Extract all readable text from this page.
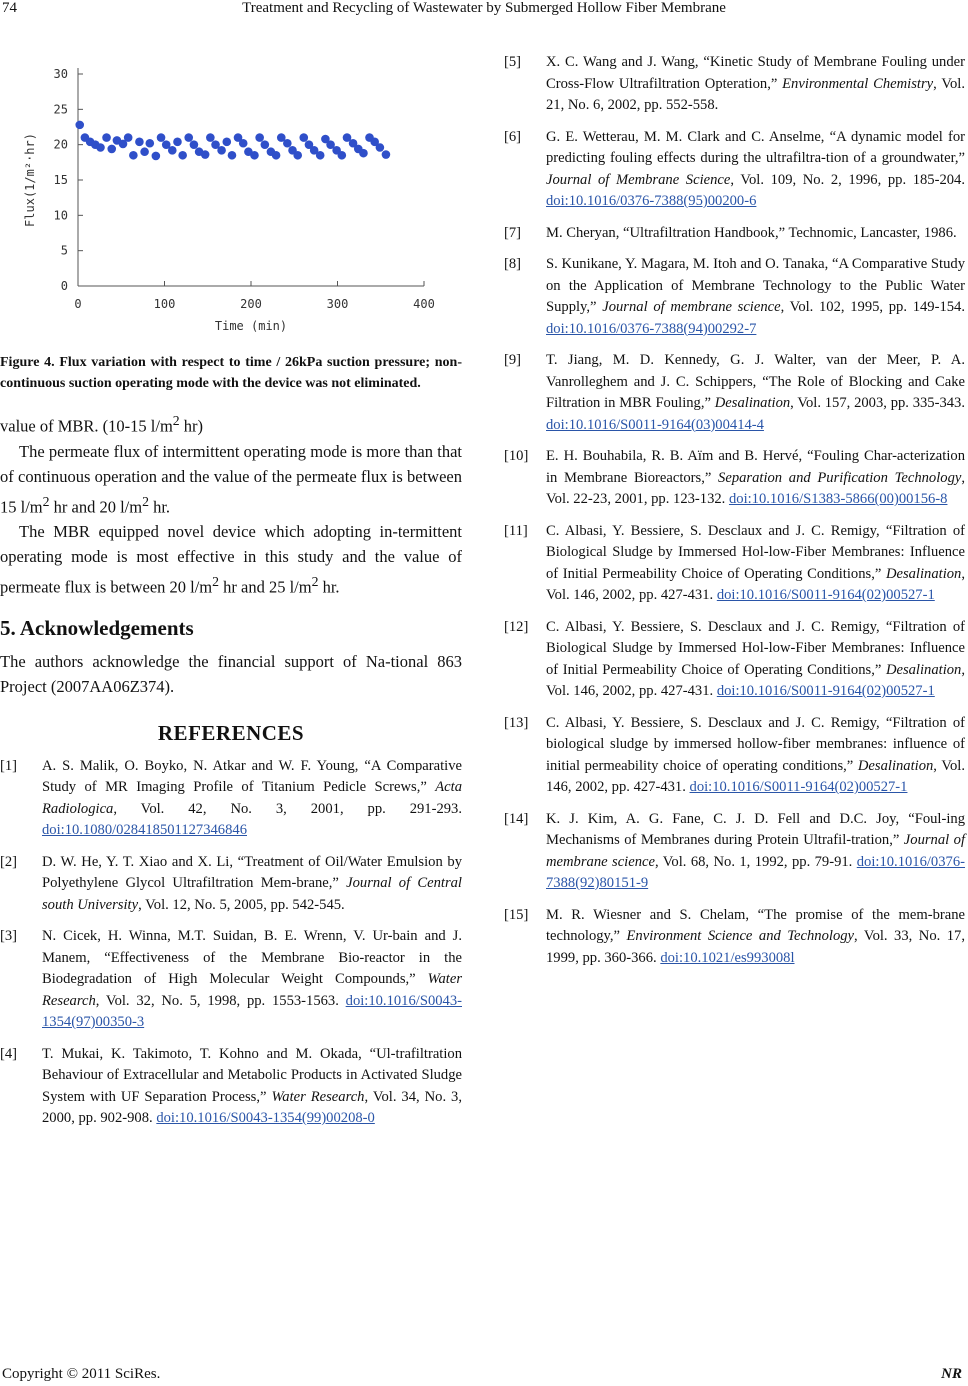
74	Treatment and Recycling of Wastewater by Submerged Hollow Fiber Membrane
0
5
10
15
20
25
30
0	100	200	300	400
Time (min)
Flux(1/m²·hr)
Figure 4. Flux variation with respect to time / 26kPa suction pressure; non-continuous suction operating mode with the device was not eliminated.

value of MBR. (10-15 $l/m^2$ hr)

The permeate flux of intermittent operating mode is more than that of continuous operation and the value of the permeate flux is between 15 $l/m^2$ hr and 20 $l/m^2$ hr.

The MBR equipped novel device which adopting in-termittent operating mode is most effective in this study and the value of permeate flux is between 20 $l/m^2$ hr and 25 $l/m^2$ hr.

5. Acknowledgements

The authors acknowledge the financial support of Na-tional 863 Project (2007AA06Z374).

REFERENCES
[1] A. S. Malik, O. Boyko, N. Atkar and W. F. Young, “A Comparative Study of MR Imaging Profile of Titanium Pedicle Screws,” Acta Radiologica, Vol. 42, No. 3, 2001, pp. 291-293. doi:10.1080/028418501127346846
[2] D. W. He, Y. T. Xiao and X. Li, “Treatment of Oil/Water Emulsion by Polyethylene Glycol Ultrafiltration Mem-brane,” Journal of Central south University, Vol. 12, No. 5, 2005, pp. 542-545.
[3] N. Cicek, H. Winna, M.T. Suidan, B. E. Wrenn, V. Ur-bain and J. Manem, “Effectiveness of the Membrane Bio-reactor in the Biodegradation of High Molecular Weight Compounds,” Water Research, Vol. 32, No. 5, 1998, pp. 1553-1563. doi:10.1016/S0043-1354(97)00350-3
[4] T. Mukai, K. Takimoto, T. Kohno and M. Okada, “Ul-trafiltration Behaviour of Extracellular and Metabolic Products in Activated Sludge System with UF Separation Process,” Water Research, Vol. 34, No. 3, 2000, pp. 902-908. doi:10.1016/S0043-1354(99)00208-0
[5] X. C. Wang and J. Wang, “Kinetic Study of Membrane Fouling under Cross-Flow Ultrafiltration Opteration,” Environmental Chemistry, Vol. 21, No. 6, 2002, pp. 552-558.
[6] G. E. Wetterau, M. M. Clark and C. Anselme, “A dynamic model for predicting fouling effects during the ultrafiltra-tion of a groundwater,” Journal of Membrane Science, Vol. 109, No. 2, 1996, pp. 185-204. doi:10.1016/0376-7388(95)00200-6
[7] M. Cheryan, “Ultrafiltration Handbook,” Technomic, Lancaster, 1986.
[8] S. Kunikane, Y. Magara, M. Itoh and O. Tanaka, “A Comparative Study on the Application of Membrane Technology to the Public Water Supply,” Journal of membrane science, Vol. 102, 1995, pp. 149-154. doi:10.1016/0376-7388(94)00292-7
[9] T. Jiang, M. D. Kennedy, G. J. Walter, van der Meer, P. A. Vanrolleghem and J. C. Schippers, “The Role of Blocking and Cake Filtration in MBR Fouling,” Desalination, Vol. 157, 2003, pp. 335-343. doi:10.1016/S0011-9164(03)00414-4
[10] E. H. Bouhabila, R. B. Aïm and B. Hervé, “Fouling Char-acterization in Membrane Bioreactors,” Separation and Purification Technology, Vol. 22-23, 2001, pp. 123-132. doi:10.1016/S1383-5866(00)00156-8
[11] C. Albasi, Y. Bessiere, S. Desclaux and J. C. Remigy, “Filtration of Biological Sludge by Immersed Hol-low-Fiber Membranes: Influence of Initial Permeability Choice of Operating Conditions,” Desalination, Vol. 146, 2002, pp. 427-431. doi:10.1016/S0011-9164(02)00527-1
[12] C. Albasi, Y. Bessiere, S. Desclaux and J. C. Remigy, “Filtration of Biological Sludge by Immersed Hol-low-Fiber Membranes: Influence of Initial Permeability Choice of Operating Conditions,” Desalination, Vol. 146, 2002, pp. 427-431. doi:10.1016/S0011-9164(02)00527-1
[13] C. Albasi, Y. Bessiere, S. Desclaux and J. C. Remigy, “Filtration of biological sludge by immersed hollow-fiber membranes: influence of initial permeability choice of operating conditions,” Desalination, Vol. 146, 2002, pp. 427-431. doi:10.1016/S0011-9164(02)00527-1
[14] K. J. Kim, A. G. Fane, C. J. D. Fell and D.C. Joy, “Foul-ing Mechanisms of Membranes during Protein Ultrafil-tration,” Journal of membrane science, Vol. 68, No. 1, 1992, pp. 79-91. doi:10.1016/0376-7388(92)80151-9
[15] M. R. Wiesner and S. Chelam, “The promise of the mem-brane technology,” Environment Science and Technology, Vol. 33, No. 17, 1999, pp. 360-366. doi:10.1021/es993008l
Copyright © 2011 SciRes.	NR
